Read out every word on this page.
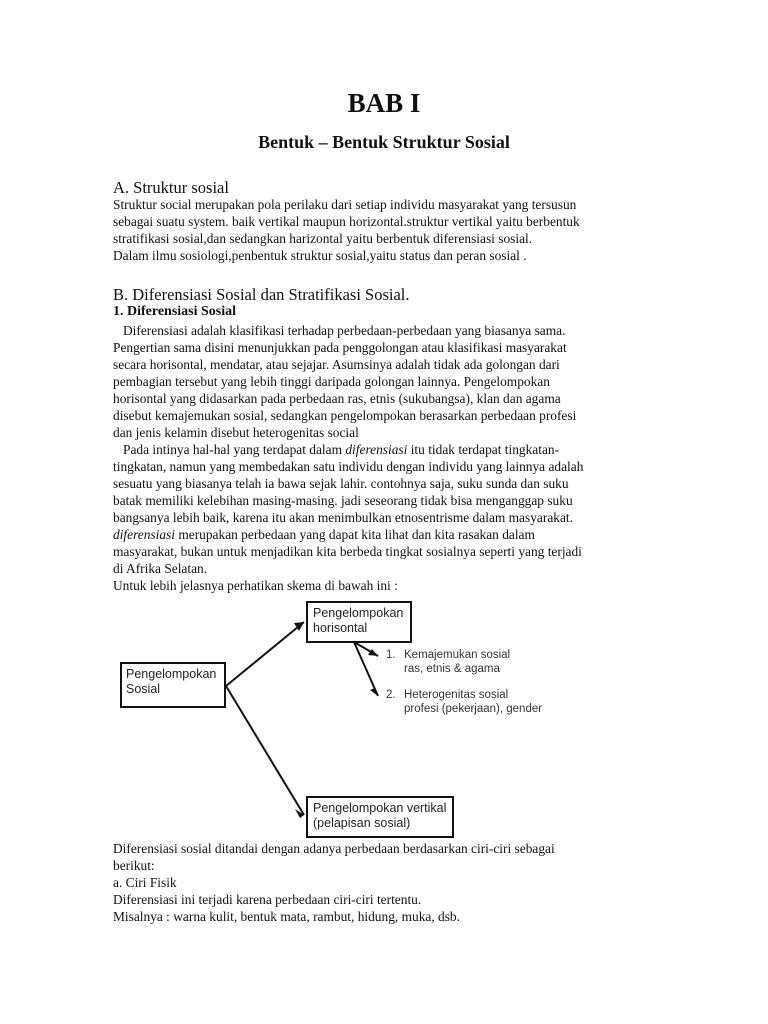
BAB I
Bentuk – Bentuk Struktur Sosial
A. Struktur sosial
Struktur social merupakan pola perilaku dari setiap individu masyarakat yang tersusun
sebagai suatu system. baik vertikal maupun horizontal.struktur vertikal yaitu berbentuk
stratifikasi sosial,dan sedangkan harizontal yaitu berbentuk diferensiasi sosial.
Dalam ilmu sosiologi,penbentuk struktur sosial,yaitu status dan peran sosial .
B. Diferensiasi Sosial dan Stratifikasi Sosial.
1. Diferensiasi Sosial
Diferensiasi adalah klasifikasi terhadap perbedaan-perbedaan yang biasanya sama.
Pengertian sama disini menunjukkan pada penggolongan atau klasifikasi masyarakat
secara horisontal, mendatar, atau sejajar. Asumsinya adalah tidak ada golongan dari
pembagian tersebut yang lebih tinggi daripada golongan lainnya. Pengelompokan
horisontal yang didasarkan pada perbedaan ras, etnis (sukubangsa), klan dan agama
disebut kemajemukan sosial, sedangkan pengelompokan berasarkan perbedaan profesi
dan jenis kelamin disebut heterogenitas social
Pada intinya hal-hal yang terdapat dalam diferensiasi itu tidak terdapat tingkatan-
tingkatan, namun yang membedakan satu individu dengan individu yang lainnya adalah
sesuatu yang biasanya telah ia bawa sejak lahir. contohnya saja, suku sunda dan suku
batak memiliki kelebihan masing-masing. jadi seseorang tidak bisa menganggap suku
bangsanya lebih baik, karena itu akan menimbulkan etnosentrisme dalam masyarakat.
diferensiasi merupakan perbedaan yang dapat kita lihat dan kita rasakan dalam
masyarakat, bukan untuk menjadikan kita berbeda tingkat sosialnya seperti yang terjadi
di Afrika Selatan.
Untuk lebih jelasnya perhatikan skema di bawah ini :
Pengelompokan
Sosial
Pengelompokan
horisontal
Pengelompokan vertikal
(pelapisan sosial)
1. Kemajemukan sosial
ras, etnis & agama
2. Heterogenitas sosial
profesi (pekerjaan), gender
Diferensiasi sosial ditandai dengan adanya perbedaan berdasarkan ciri-ciri sebagai
berikut:
a. Ciri Fisik
Diferensiasi ini terjadi karena perbedaan ciri-ciri tertentu.
Misalnya : warna kulit, bentuk mata, rambut, hidung, muka, dsb.
